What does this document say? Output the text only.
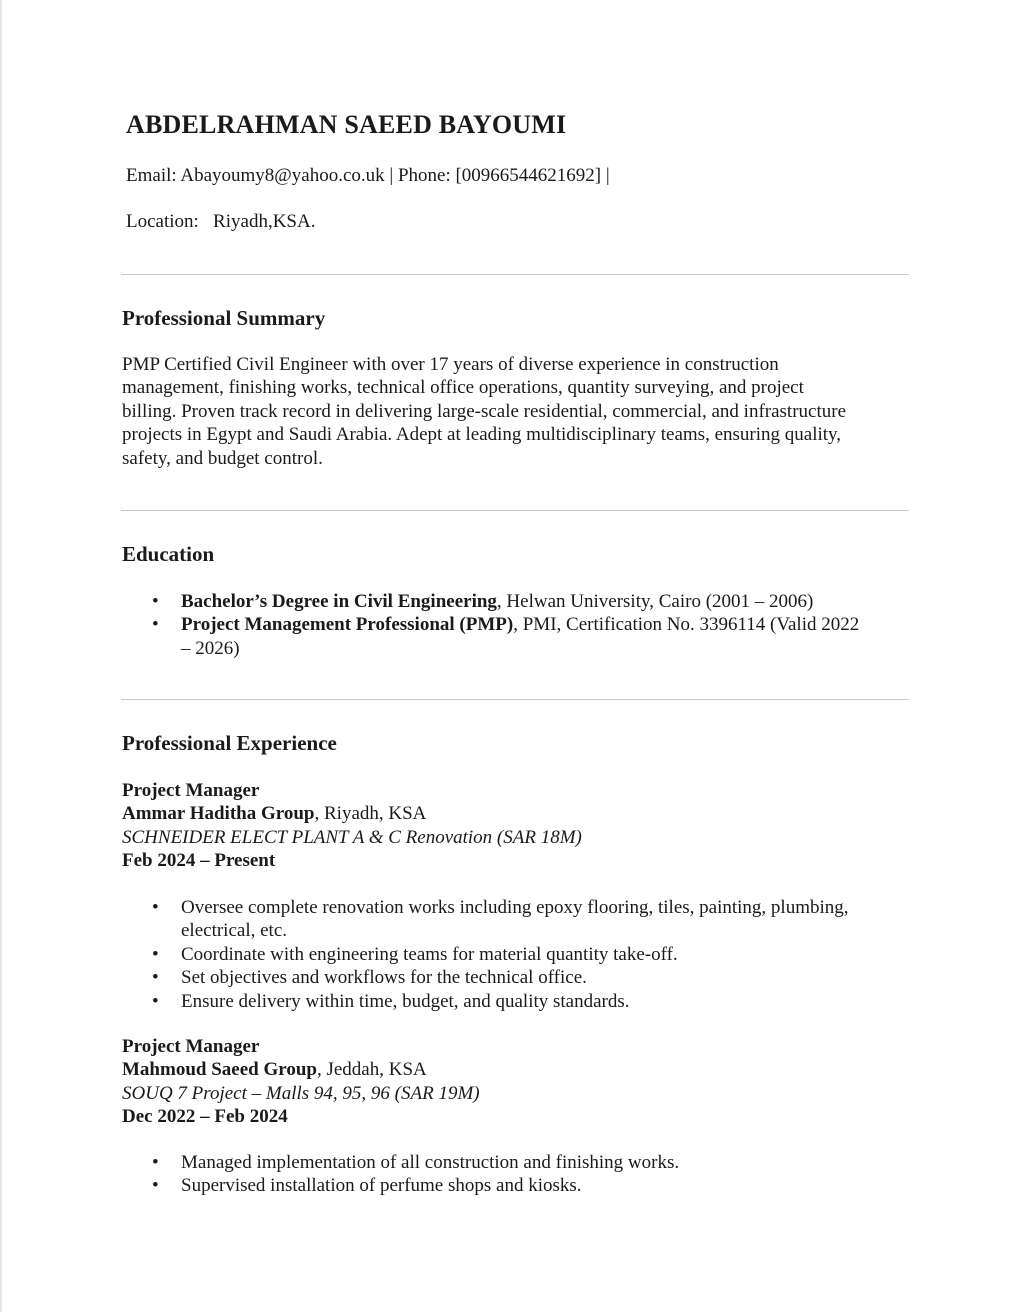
ABDELRAHMAN SAEED BAYOUMI

Email: Abayoumy8@yahoo.co.uk | Phone: [00966544621692] |

Location:   Riyadh,KSA.

Professional Summary
PMP Certified Civil Engineer with over 17 years of diverse experience in construction
management, finishing works, technical office operations, quantity surveying, and project
billing. Proven track record in delivering large-scale residential, commercial, and infrastructure
projects in Egypt and Saudi Arabia. Adept at leading multidisciplinary teams, ensuring quality,
safety, and budget control.
Education
• Bachelor’s Degree in Civil Engineering, Helwan University, Cairo (2001 – 2006)
• Project Management Professional (PMP), PMI, Certification No. 3396114 (Valid 2022
– 2026)
Professional Experience
Project Manager
Ammar Haditha Group, Riyadh, KSA
SCHNEIDER ELECT PLANT A & C Renovation (SAR 18M)
Feb 2024 – Present
• Oversee complete renovation works including epoxy flooring, tiles, painting, plumbing,
electrical, etc.
• Coordinate with engineering teams for material quantity take-off.
• Set objectives and workflows for the technical office.
• Ensure delivery within time, budget, and quality standards.
Project Manager
Mahmoud Saeed Group, Jeddah, KSA
SOUQ 7 Project – Malls 94, 95, 96 (SAR 19M)
Dec 2022 – Feb 2024
• Managed implementation of all construction and finishing works.
• Supervised installation of perfume shops and kiosks.
